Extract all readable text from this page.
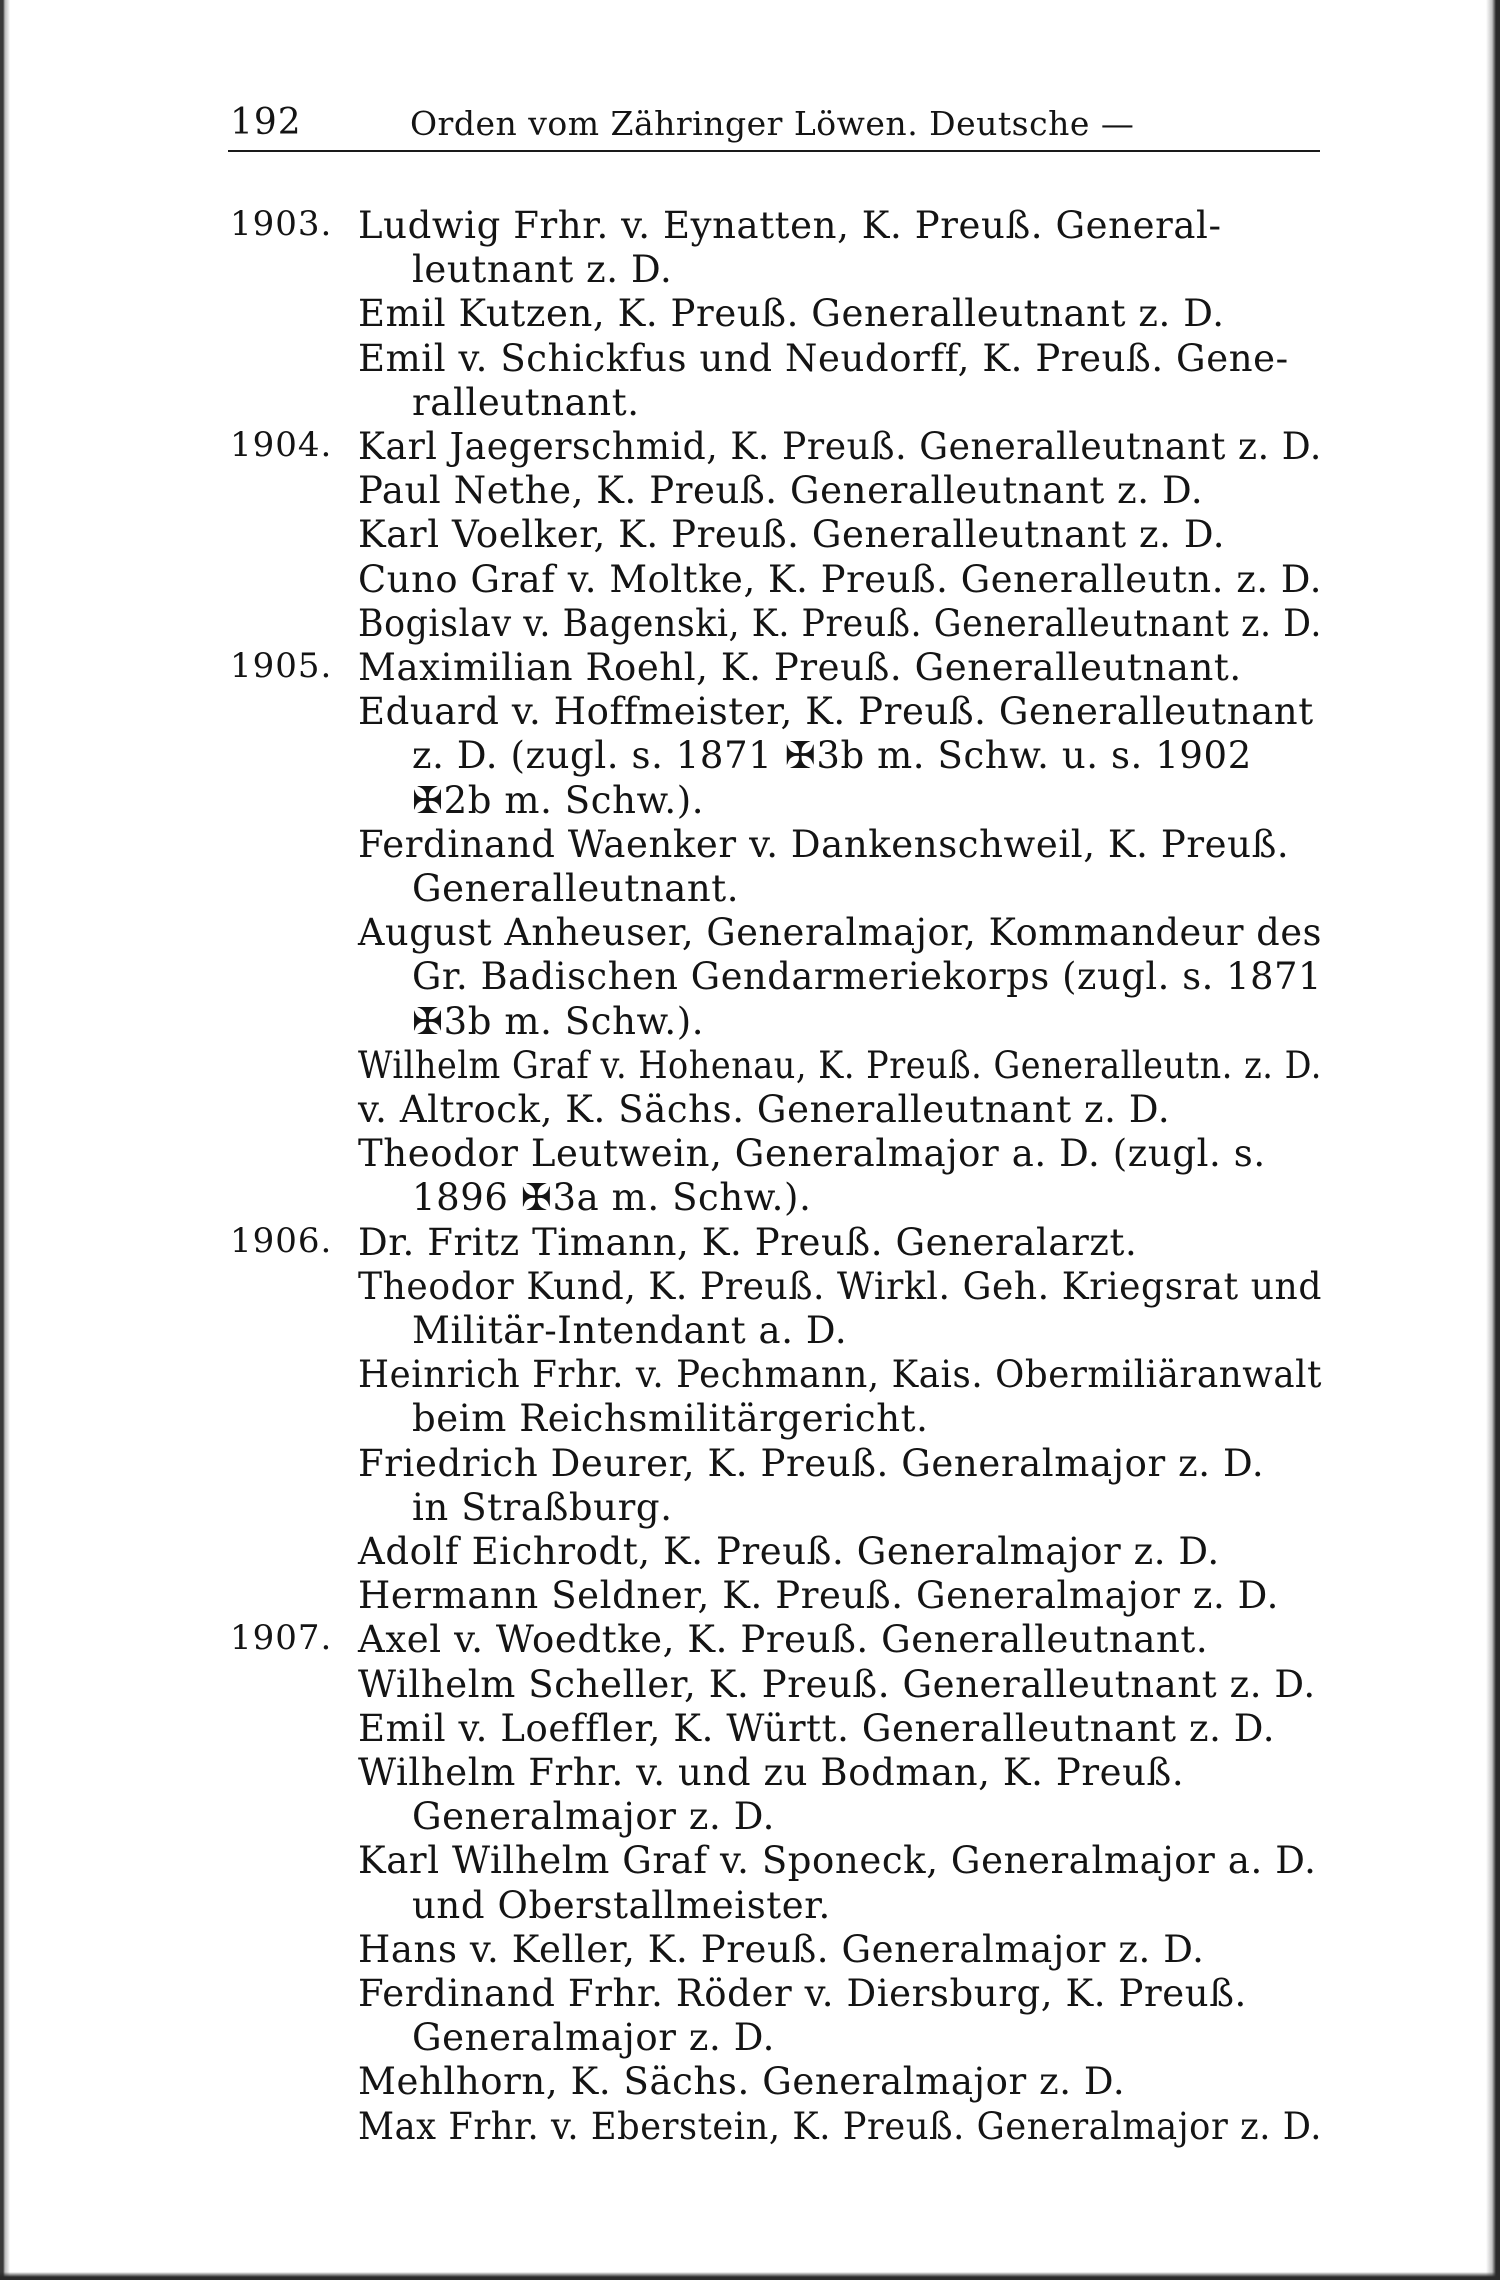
192	Orden vom Zähringer Löwen. Deutsche —
1903. Ludwig Frhr. v. Eynatten, K. Preuß. General-
leutnant z. D.
Emil Kutzen, K. Preuß. Generalleutnant z. D.
Emil v. Schickfus und Neudorff, K. Preuß. Gene-
ralleutnant.
1904. Karl Jaegerschmid, K. Preuß. Generalleutnant z. D.
Paul Nethe, K. Preuß. Generalleutnant z. D.
Karl Voelker, K. Preuß. Generalleutnant z. D.
Cuno Graf v. Moltke, K. Preuß. Generalleutn. z. D.
Bogislav v. Bagenski, K. Preuß. Generalleutnant z. D.
1905. Maximilian Roehl, K. Preuß. Generalleutnant.
Eduard v. Hoffmeister, K. Preuß. Generalleutnant
z. D. (zugl. s. 1871 ✠3b m. Schw. u. s. 1902
✠2b m. Schw.).
Ferdinand Waenker v. Dankenschweil, K. Preuß.
Generalleutnant.
August Anheuser, Generalmajor, Kommandeur des
Gr. Badischen Gendarmeriekorps (zugl. s. 1871
✠3b m. Schw.).
Wilhelm Graf v. Hohenau, K. Preuß. Generalleutn. z. D.
v. Altrock, K. Sächs. Generalleutnant z. D.
Theodor Leutwein, Generalmajor a. D. (zugl. s.
1896 ✠3a m. Schw.).
1906. Dr. Fritz Timann, K. Preuß. Generalarzt.
Theodor Kund, K. Preuß. Wirkl. Geh. Kriegsrat und
Militär-Intendant a. D.
Heinrich Frhr. v. Pechmann, Kais. Obermiliäranwalt
beim Reichsmilitärgericht.
Friedrich Deurer, K. Preuß. Generalmajor z. D.
in Straßburg.
Adolf Eichrodt, K. Preuß. Generalmajor z. D.
Hermann Seldner, K. Preuß. Generalmajor z. D.
1907. Axel v. Woedtke, K. Preuß. Generalleutnant.
Wilhelm Scheller, K. Preuß. Generalleutnant z. D.
Emil v. Loeffler, K. Württ. Generalleutnant z. D.
Wilhelm Frhr. v. und zu Bodman, K. Preuß.
Generalmajor z. D.
Karl Wilhelm Graf v. Sponeck, Generalmajor a. D.
und Oberstallmeister.
Hans v. Keller, K. Preuß. Generalmajor z. D.
Ferdinand Frhr. Röder v. Diersburg, K. Preuß.
Generalmajor z. D.
Mehlhorn, K. Sächs. Generalmajor z. D.
Max Frhr. v. Eberstein, K. Preuß. Generalmajor z. D.
